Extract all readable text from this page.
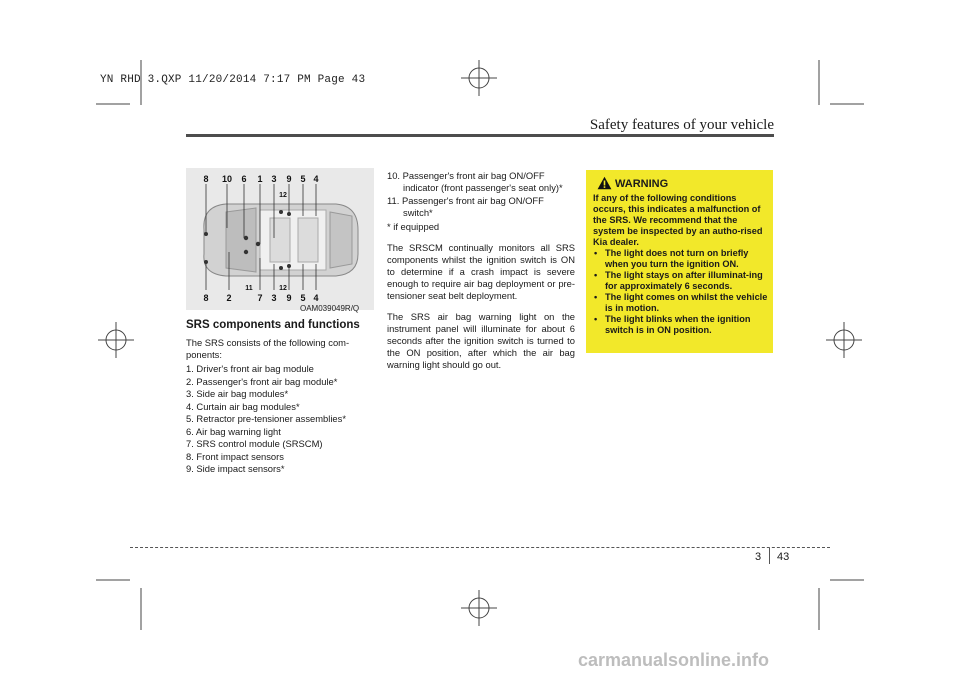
YN RHD 3.QXP 11/20/2014 7:17 PM Page 43
Safety features of your vehicle
8 10 6 1 3 9 5 4
8 2	7 3 9 5 4
12
11	12
OAM039049R/Q
SRS components and functions
The SRS consists of the following com-ponents:
1. Driver's front air bag module
2. Passenger's front air bag module*
3. Side air bag modules*
4. Curtain air bag modules*
5. Retractor pre-tensioner assemblies*
6. Air bag warning light
7. SRS control module (SRSCM)
8. Front impact sensors
9. Side impact sensors*
10. Passenger's front air bag ON/OFF
indicator (front passenger's seat only)*
11. Passenger's front air bag ON/OFF
switch*
* if equipped

The SRSCM continually monitors all SRS components whilst the ignition switch is ON to determine if a crash impact is severe enough to require air bag deployment or pre-tensioner seat belt deployment.

The SRS air bag warning light on the instrument panel will illuminate for about 6 seconds after the ignition switch is turned to the ON position, after which the air bag warning light should go out.

WARNING
If any of the following conditions occurs, this indicates a malfunction of the SRS. We recommend that the system be inspected by an autho-rised Kia dealer.
• The light does not turn on briefly when you turn the ignition ON.
• The light stays on after illuminat-ing for approximately 6 seconds.
• The light comes on whilst the vehicle is in motion.
• The light blinks when the ignition switch is in ON position.
3 43
carmanualsonline.info
